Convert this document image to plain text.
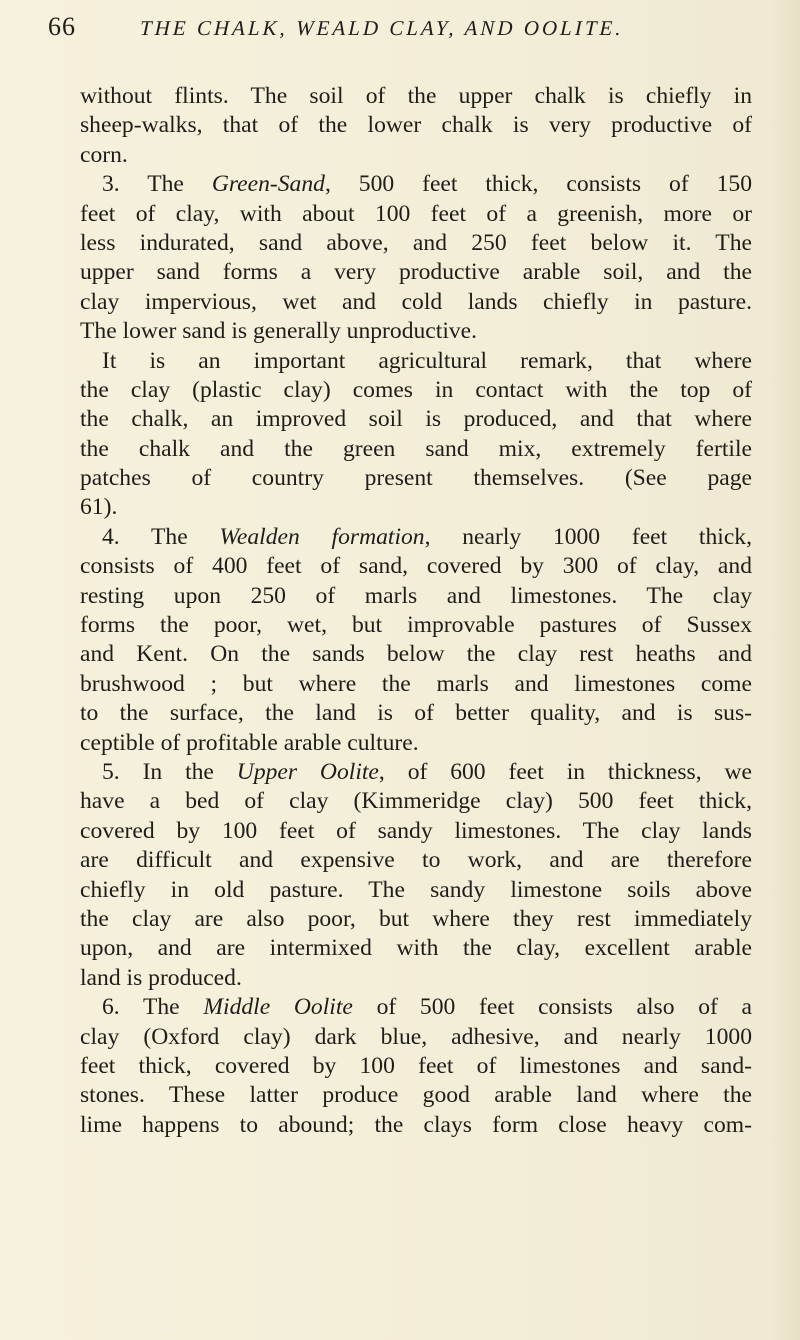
66	THE CHALK, WEALD CLAY, AND OOLITE.
without flints. The soil of the upper chalk is chiefly in
sheep-walks, that of the lower chalk is very productive of
corn.
3. The Green-Sand, 500 feet thick, consists of 150
feet of clay, with about 100 feet of a greenish, more or
less indurated, sand above, and 250 feet below it. The
upper sand forms a very productive arable soil, and the
clay impervious, wet and cold lands chiefly in pasture.
The lower sand is generally unproductive.
It is an important agricultural remark, that where
the clay (plastic clay) comes in contact with the top of
the chalk, an improved soil is produced, and that where
the chalk and the green sand mix, extremely fertile
patches of country present themselves. (See page
61).
4. The Wealden formation, nearly 1000 feet thick,
consists of 400 feet of sand, covered by 300 of clay, and
resting upon 250 of marls and limestones. The clay
forms the poor, wet, but improvable pastures of Sussex
and Kent. On the sands below the clay rest heaths and
brushwood ; but where the marls and limestones come
to the surface, the land is of better quality, and is sus-
ceptible of profitable arable culture.
5. In the Upper Oolite, of 600 feet in thickness, we
have a bed of clay (Kimmeridge clay) 500 feet thick,
covered by 100 feet of sandy limestones. The clay lands
are difficult and expensive to work, and are therefore
chiefly in old pasture. The sandy limestone soils above
the clay are also poor, but where they rest immediately
upon, and are intermixed with the clay, excellent arable
land is produced.
6. The Middle Oolite of 500 feet consists also of a
clay (Oxford clay) dark blue, adhesive, and nearly 1000
feet thick, covered by 100 feet of limestones and sand-
stones. These latter produce good arable land where the
lime happens to abound; the clays form close heavy com-
